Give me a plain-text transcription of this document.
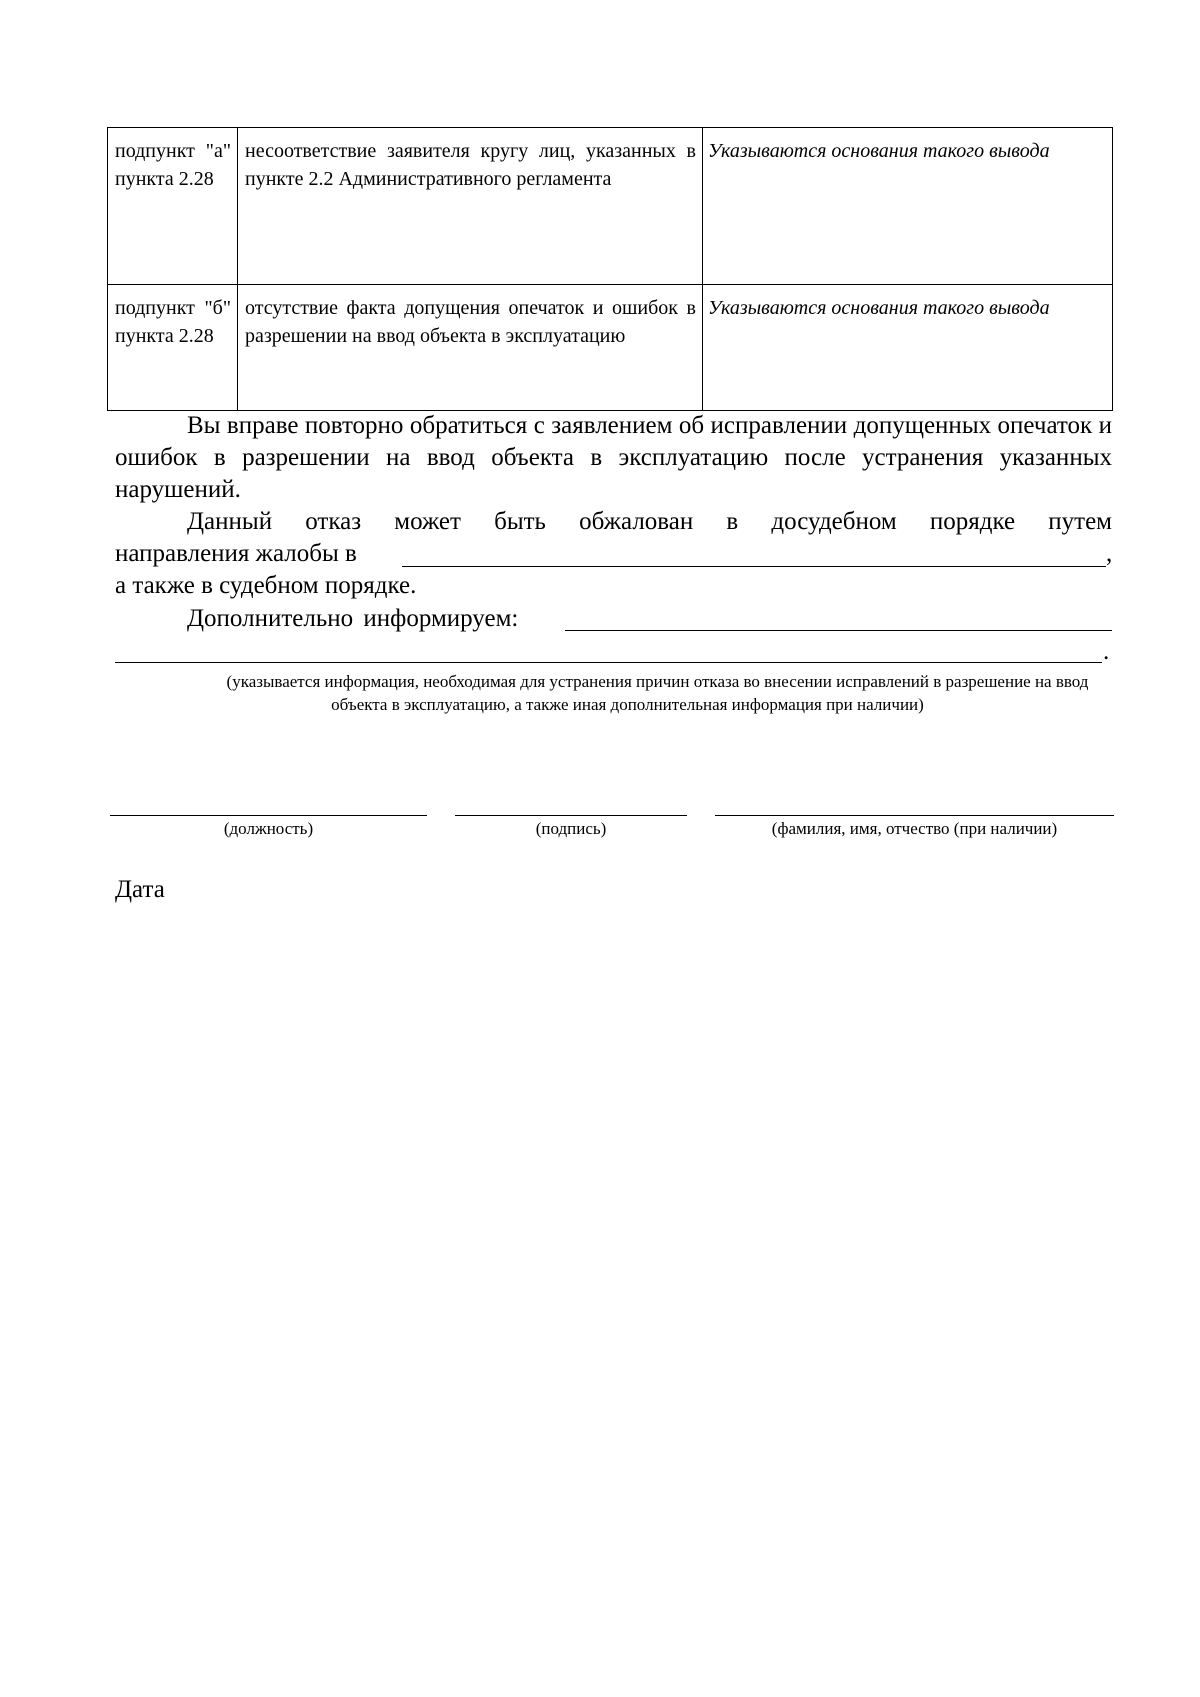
подпункт "а" пункта 2.28	несоответствие заявителя кругу лиц, указанных в пункте 2.2 Административного регламента	Указываются основания такого вывода
подпункт "б" пункта 2.28	отсутствие факта допущения опечаток и ошибок в разрешении на ввод объекта в эксплуатацию	Указываются основания такого вывода

Вы вправе повторно обратиться с заявлением об исправлении допущенных опечаток и ошибок в разрешении на ввод объекта в эксплуатацию после устранения указанных нарушений.

Данный отказ может быть обжалован в досудебном порядке путем

направления жалобы в	,
а также в судебном порядке.
Дополнительно информируем:
.
(указывается информация, необходимая для устранения причин отказа во внесении исправлений в разрешение на ввод объекта в эксплуатацию, а также иная дополнительная информация при наличии)
(должность)	(подпись)	(фамилия, имя, отчество (при наличии)
Дата
